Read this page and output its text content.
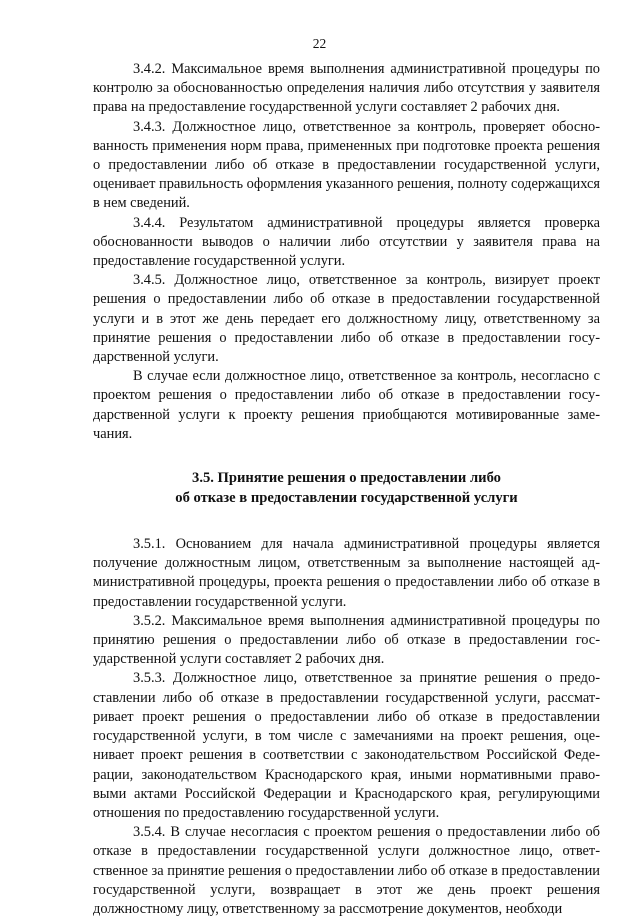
22

3.4.2. Максимальное время выполнения административной процедуры по контролю за обоснованностью определения наличия либо отсутствия у заявителя права на предоставление государственной услуги составляет 2 рабочих дня.

3.4.3. Должностное лицо, ответственное за контроль, проверяет обоснованность применения норм права, примененных при подготовке проекта решения о предоставлении либо об отказе в предоставлении государственной услуги, оценивает правильность оформления указанного решения, полноту содержащихся в нем сведений.

3.4.4. Результатом административной процедуры является проверка обоснованности выводов о наличии либо отсутствии у заявителя права на предоставление государственной услуги.

3.4.5. Должностное лицо, ответственное за контроль, визирует проект решения о предоставлении либо об отказе в предоставлении государственной услуги и в этот же день передает его должностному лицу, ответственному за принятие решения о предоставлении либо об отказе в предоставлении государственной услуги.

В случае если должностное лицо, ответственное за контроль, несогласно с проектом решения о предоставлении либо об отказе в предоставлении государственной услуги к проекту решения приобщаются мотивированные замечания.

3.5. Принятие решения о предоставлении либо
об отказе в предоставлении государственной услуги

3.5.1. Основанием для начала административной процедуры является получение должностным лицом, ответственным за выполнение настоящей административной процедуры, проекта решения о предоставлении либо об отказе в предоставлении государственной услуги.

3.5.2. Максимальное время выполнения административной процедуры по принятию решения о предоставлении либо об отказе в предоставлении государственной услуги составляет 2 рабочих дня.

3.5.3. Должностное лицо, ответственное за принятие решения о предоставлении либо об отказе в предоставлении государственной услуги, рассматривает проект решения о предоставлении либо об отказе в предоставлении государственной услуги, в том числе с замечаниями на проект решения, оценивает проект решения в соответствии с законодательством Российской Федерации, законодательством Краснодарского края, иными нормативными правовыми актами Российской Федерации и Краснодарского края, регулирующими отношения по предоставлению государственной услуги.

3.5.4. В случае несогласия с проектом решения о предоставлении либо об отказе в предоставлении государственной услуги должностное лицо, ответственное за принятие решения о предоставлении либо об отказе в предоставлении государственной услуги, возвращает в этот же день проект решения должностному лицу, ответственному за рассмотрение документов, необходи
